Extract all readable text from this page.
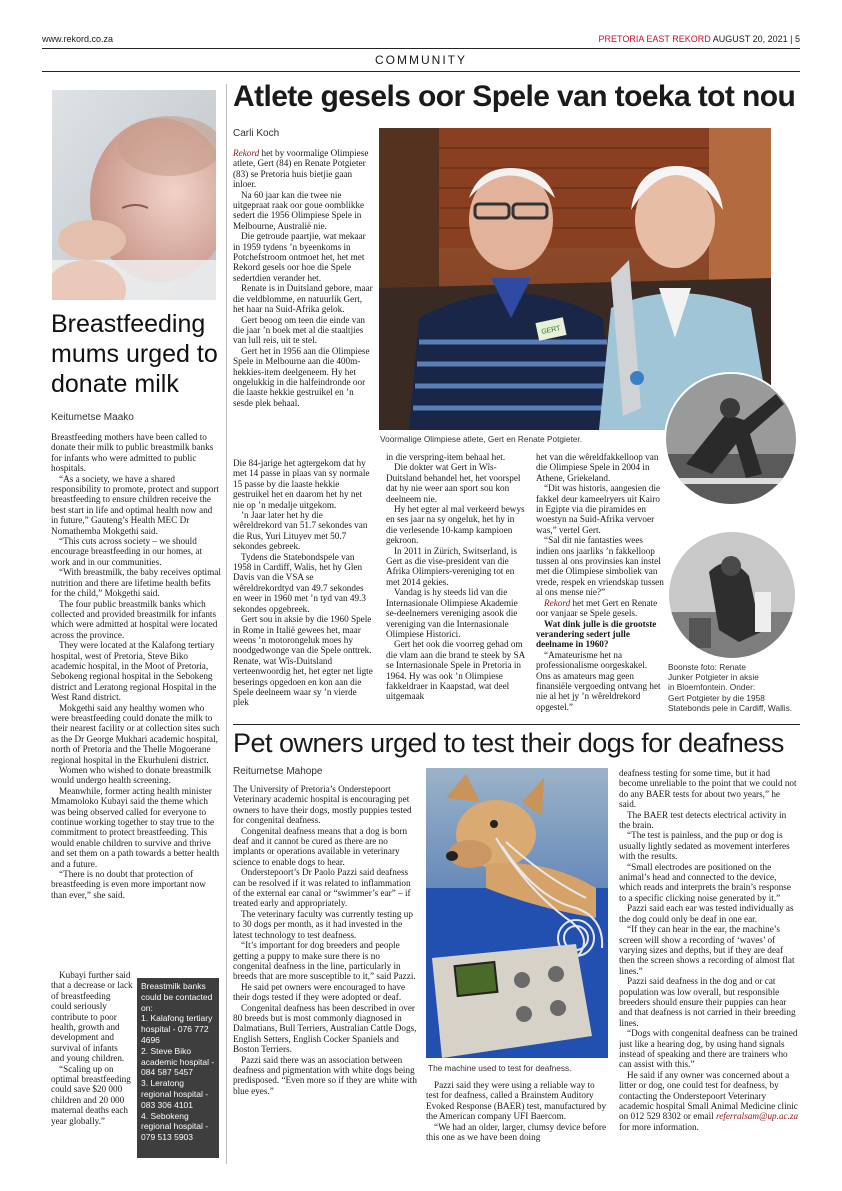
www.rekord.co.za	PRETORIA EAST REKORD AUGUST 20, 2021 | 5
COMMUNITY
Breastfeeding mums urged to donate milk
Keitumetse Maako

Breastfeeding mothers have been called to donate their milk to public breastmilk banks for infants who were admitted to public hospitals.

“As a society, we have a shared responsibility to promote, protect and support breastfeeding to ensure children receive the best start in life and optimal health now and in future,” Gauteng’s Health MEC Dr Nomathemba Mokgethi said.

“This cuts across society – we should encourage breastfeeding in our homes, at work and in our communities.

“With breastmilk, the baby receives optimal nutrition and there are lifetime health befits for the child,” Mokgethi said.

The four public breastmilk banks which collected and provided breastmilk for infants which were admitted at hospital were located across the province.

They were located at the Kalafong tertiary hospital, west of Pretoria, Steve Biko academic hospital, in the Moot of Pretoria, Sebokeng regional hospital in the Sebokeng district and Leratong regional Hospital in the West Rand district.

Mokgethi said any healthy women who were breastfeeding could donate the milk to their nearest facility or at collection sites such as the Dr George Mukhari academic hospital, north of Pretoria and the Thelle Mogoerane regional hospital in the Ekurhuleni district.

Women who wished to donate breastmilk would undergo health screening.

Meanwhile, former acting health minister Mmamoloko Kubayi said the theme which was being observed called for everyone to continue working together to stay true to the commitment to protect breastfeeding. This would enable children to survive and thrive and set them on a path towards a better health and a future.

“There is no doubt that protection of breastfeeding is even more important now than ever,” she said.

Kubayi further said that a decrease or lack of breastfeeding could seriously contribute to poor health, growth and development and survival of infants and young children.

“Scaling up on optimal breastfeeding could save $20 000 children and 20 000 maternal deaths each year globally.”

Breastmilk banks could be contacted on:
1. Kalafong tertiary hospital - 076 772 4696
2. Steve Biko academic hospital - 084 587 5457
3. Leratong regional hospital - 083 306 4101
4. Sebokeng regional hospital - 079 513 5903
Atlete gesels oor Spele van toeka tot nou
Carli Koch

Rekord het by voormalige Olimpiese atlete, Gert (84) en Renate Potgieter (83) se Pretoria huis bietjie gaan inloer.

Na 60 jaar kan die twee nie uitgepraat raak oor goue oomblikke sedert die 1956 Olimpiese Spele in Melbourne, Australië nie.

Die getroude paartjie, wat mekaar in 1959 tydens ’n byeenkoms in Potchefstroom ontmoet het, het met Rekord gesels oor hoe die Spele sedertdien verander het.

Renate is in Duitsland gebore, maar die veldblomme, en natuurlik Gert, het haar na Suid-Afrika gelok.

Gert beoog om teen die einde van die jaar ’n boek met al die staaltjies van lull reis, uit te stel.

Gert het in 1956 aan die Olimpiese Spele in Melbourne aan die 400m-hekkies-item deelgeneem. Hy het ongelukkig in die halfeindronde oor die laaste hekkie gestruikel en ’n sesde plek behaal.

GERT
Voormalige Olimpiese atlete, Gert en Renate Potgieter.

Die 84-jarige het agtergekom dat hy met 14 passe in plaas van sy normale 15 passe by die laaste hekkie gestruikel het en daarom het hy net nie op ’n medalje uitgekom.

’n Jaar later het hy die wêreldrekord van 51.7 sekondes van die Rus, Yuri Lituyev met 50.7 sekondes gebreek.

Tydens die Statebondspele van 1958 in Cardiff, Walis, het hy Glen Davis van die VSA se wêreldrekordtyd van 49.7 sekondes en weer in 1960 met ’n tyd van 49.3 sekondes opgebreek.

Gert sou in aksie by die 1960 Spele in Rome in Italië gewees het, maar weens ’n motorongeluk moes hy noodgedwonge van die Spele onttrek. Renate, wat Wîs-Duitsland verteenwoordig het, het egter net ligte beserings opgedoen en kon aan die Spele deelneem waar sy ’n vierde plek

in die verspring-item behaal het.

Die dokter wat Gert in Wîs-Duitsland behandel het, het voorspel dat hy nie weer aan sport sou kon deelneem nie.

Hy het egter al mal verkeerd bewys en ses jaar na sy ongeluk, het hy in die verlesende 10-kamp kampioen gekroon.

In 2011 in Zürich, Switserland, is Gert as die vise-president van die Afrika Olimpiers-vereniging tot en met 2014 gekies.

Vandag is hy steeds lid van die Internasionale Olimpiese Akademie se-deelnemers vereniging asook die vereniging van die Internasionale Olimpiese Historici.

Gert het ook die voorreg gehad om die vlam aan die brand te steek by SA se Internasionale Spele in Pretoria in 1964. Hy was ook ’n Olimpiese fakkeldraer in Kaapstad, wat deel uitgemaak

het van die wêreldfakkelloop van die Olimpiese Spele in 2004 in Athene, Griekeland.

“Dit was historis, aangesien die fakkel deur kameelryers uit Kairo in Egipte via die piramides en woestyn na Suid-Afrika vervoer was,” vertel Gert.

“Sal dit nie fantasties wees indien ons jaarliks ’n fakkelloop tussen al ons provinsies kan instel met die Olimpiese simboliek van vrede, respek en vriendskap tussen al ons mense nie?”

Rekord het met Gert en Renate oor vanjaar se Spele gesels.

Wat dink julle is die grootste verandering sedert julle deelname in 1960?

“Amateurisme het na professionalisme oorgeskakel. Ons as amateurs mag geen finansiële vergoeding ontvang het nie al het jy ’n wêreldrekord opgestel.”

Boonste foto: Renate
Junker Potgieter in aksie
in Bloemfontein. Onder:
Gert Potgieter by die 1958
Statebonds pele in Cardiff, Wallis.
Pet owners urged to test their dogs for deafness
Reitumetse Mahope

The University of Pretoria’s Onderstepoort Veterinary academic hospital is encouraging pet owners to have their dogs, mostly puppies tested for congenital deafness.

Congenital deafness means that a dog is born deaf and it cannot be cured as there are no implants or operations available in veterinary science to enable dogs to hear.

Onderstepoort’s Dr Paolo Pazzi said deafness can be resolved if it was related to inflammation of the external ear canal or “swimmer’s ear” – if treated early and appropriately.

The veterinary faculty was currently testing up to 30 dogs per month, as it had invested in the latest technology to test deafness.

“It’s important for dog breeders and people getting a puppy to make sure there is no congenital deafness in the line, particularly in breeds that are more susceptible to it,” said Pazzi.

He said pet owners were encouraged to have their dogs tested if they were adopted or deaf.

Congenital deafness has been described in over 80 breeds but is most commonly diagnosed in Dalmatians, Bull Terriers, Australian Cattle Dogs, English Setters, English Cocker Spaniels and Boston Terriers.

Pazzi said there was an association between deafness and pigmentation with white dogs being predisposed. “Even more so if they are white with blue eyes.”

The machine used to test for deafness.

Pazzi said they were using a reliable way to test for deafness, called a Brainstem Auditory Evoked Response (BAER) test, manufactured by the American company UFI Baercom.

“We had an older, larger, clumsy device before this one as we have been doing

deafness testing for some time, but it had become unreliable to the point that we could not do any BAER tests for about two years,” he said.

The BAER test detects electrical activity in the brain.

“The test is painless, and the pup or dog is usually lightly sedated as movement interferes with the results.

“Small electrodes are positioned on the animal’s head and connected to the device, which reads and interprets the brain’s response to a specific clicking noise generated by it.”

Pazzi said each ear was tested individually as the dog could only be deaf in one ear.

“If they can hear in the ear, the machine’s screen will show a recording of ‘waves’ of varying sizes and depths, but if they are deaf then the screen shows a recording of almost flat lines.”

Pazzi said deafness in the dog and or cat population was low overall, but responsible breeders should ensure their puppies can hear and that deafness is not carried in their breeding lines.

“Dogs with congenital deafness can be trained just like a hearing dog, by using hand signals instead of speaking and there are trainers who can assist with this.”

He said if any owner was concerned about a litter or dog, one could test for deafness, by contacting the Onderstepoort Veterinary academic hospital Small Animal Medicine clinic on 012 529 8302 or email referralsam@up.ac.za for more information.
